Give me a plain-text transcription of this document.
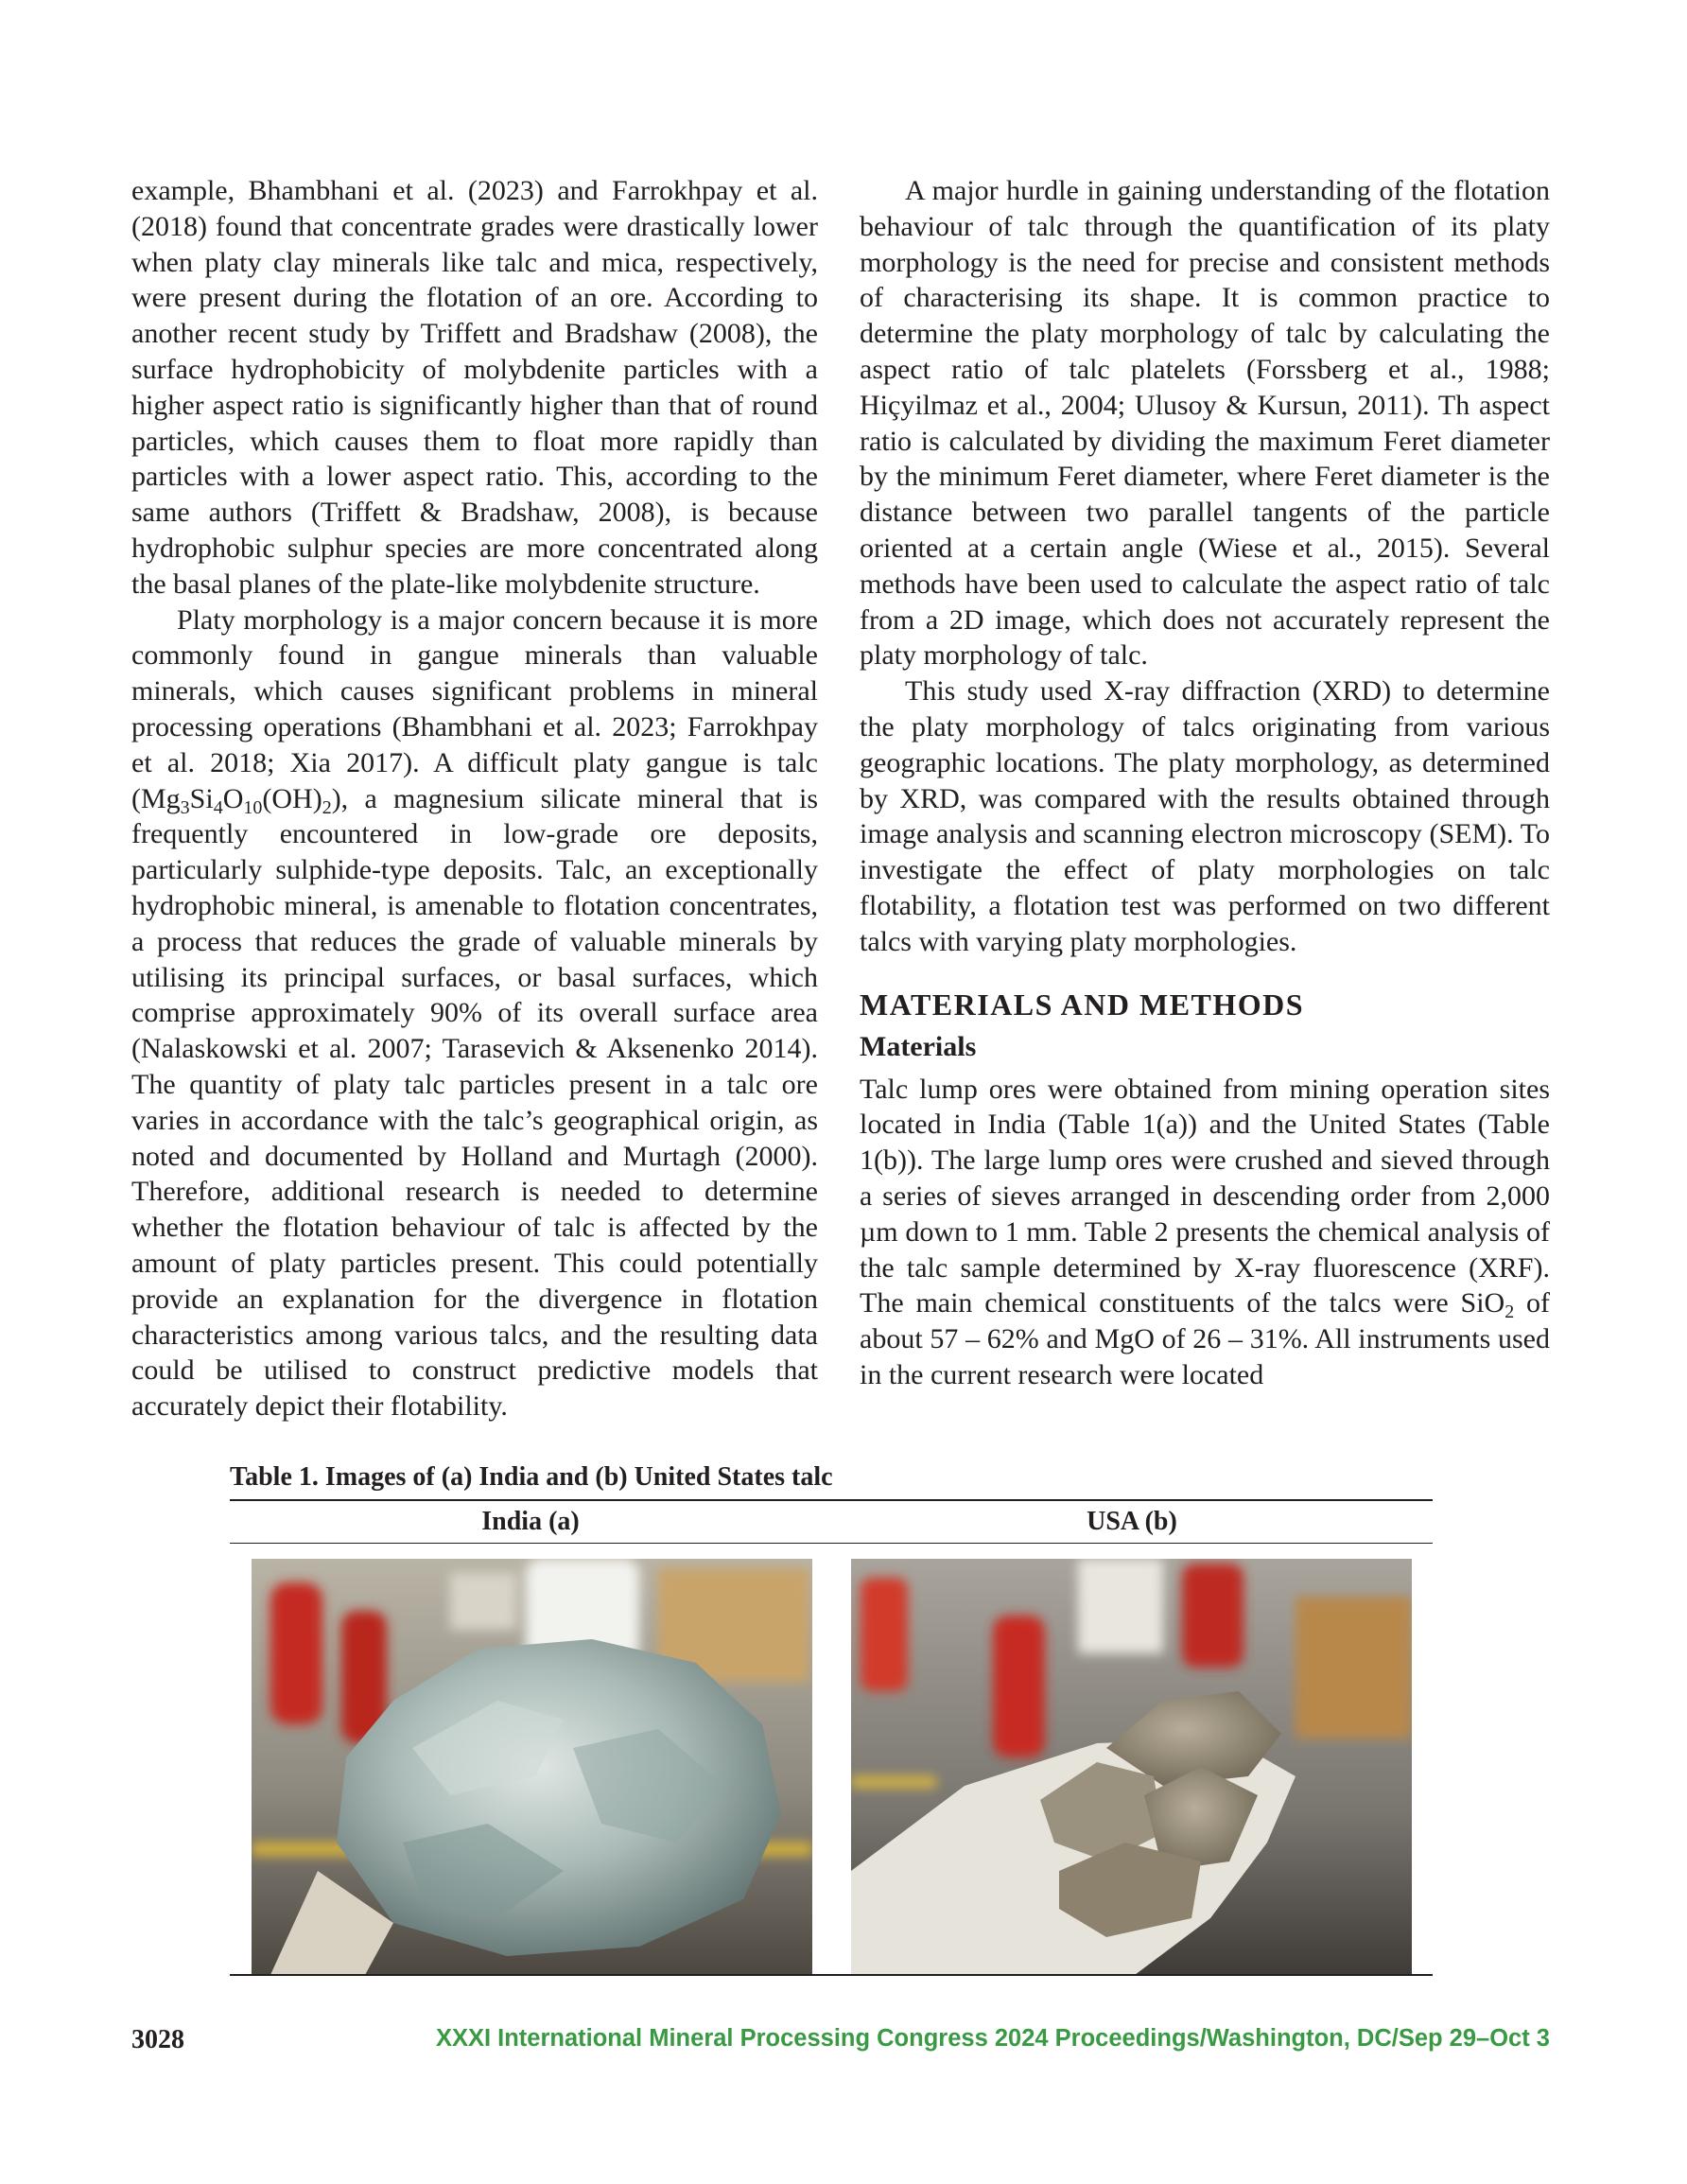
example, Bhambhani et al. (2023) and Farrokhpay et al. (2018) found that concentrate grades were drastically lower when platy clay minerals like talc and mica, respectively, were present during the flotation of an ore. According to another recent study by Triffett and Bradshaw (2008), the surface hydrophobicity of molybdenite particles with a higher aspect ratio is significantly higher than that of round particles, which causes them to float more rapidly than particles with a lower aspect ratio. This, according to the same authors (Triffett & Bradshaw, 2008), is because hydrophobic sulphur species are more concentrated along the basal planes of the plate-like molybdenite structure.

Platy morphology is a major concern because it is more commonly found in gangue minerals than valuable minerals, which causes significant problems in mineral processing operations (Bhambhani et al. 2023; Farrokhpay et al. 2018; Xia 2017). A difficult platy gangue is talc $(Mg_3Si_4O_{10}(OH)_2)$, a magnesium silicate mineral that is frequently encountered in low-grade ore deposits, particularly sulphide-type deposits. Talc, an exceptionally hydrophobic mineral, is amenable to flotation concentrates, a process that reduces the grade of valuable minerals by utilising its principal surfaces, or basal surfaces, which comprise approximately 90% of its overall surface area (Nalaskowski et al. 2007; Tarasevich & Aksenenko 2014). The quantity of platy talc particles present in a talc ore varies in accordance with the talc’s geographical origin, as noted and documented by Holland and Murtagh (2000). Therefore, additional research is needed to determine whether the flotation behaviour of talc is affected by the amount of platy particles present. This could potentially provide an explanation for the divergence in flotation characteristics among various talcs, and the resulting data could be utilised to construct predictive models that accurately depict their flotability.

A major hurdle in gaining understanding of the flotation behaviour of talc through the quantification of its platy morphology is the need for precise and consistent methods of characterising its shape. It is common practice to determine the platy morphology of talc by calculating the aspect ratio of talc platelets (Forssberg et al., 1988; Hiçyilmaz et al., 2004; Ulusoy & Kursun, 2011). Th aspect ratio is calculated by dividing the maximum Feret diameter by the minimum Feret diameter, where Feret diameter is the distance between two parallel tangents of the particle oriented at a certain angle (Wiese et al., 2015). Several methods have been used to calculate the aspect ratio of talc from a 2D image, which does not accurately represent the platy morphology of talc.

This study used X-ray diffraction (XRD) to determine the platy morphology of talcs originating from various geographic locations. The platy morphology, as determined by XRD, was compared with the results obtained through image analysis and scanning electron microscopy (SEM). To investigate the effect of platy morphologies on talc flotability, a flotation test was performed on two different talcs with varying platy morphologies.

MATERIALS AND METHODS
Materials

Talc lump ores were obtained from mining operation sites located in India (Table 1(a)) and the United States (Table 1(b)). The large lump ores were crushed and sieved through a series of sieves arranged in descending order from 2,000 µm down to 1 mm. Table 2 presents the chemical analysis of the talc sample determined by X-ray fluorescence (XRF). The main chemical constituents of the talcs were SiO$_2$ of about 57 – 62% and MgO of 26 – 31%. All instruments used in the current research were located

Table 1. Images of (a) India and (b) United States talc
India (a)	USA (b)
3028	XXXI International Mineral Processing Congress 2024 Proceedings/Washington, DC/Sep 29–Oct 3
